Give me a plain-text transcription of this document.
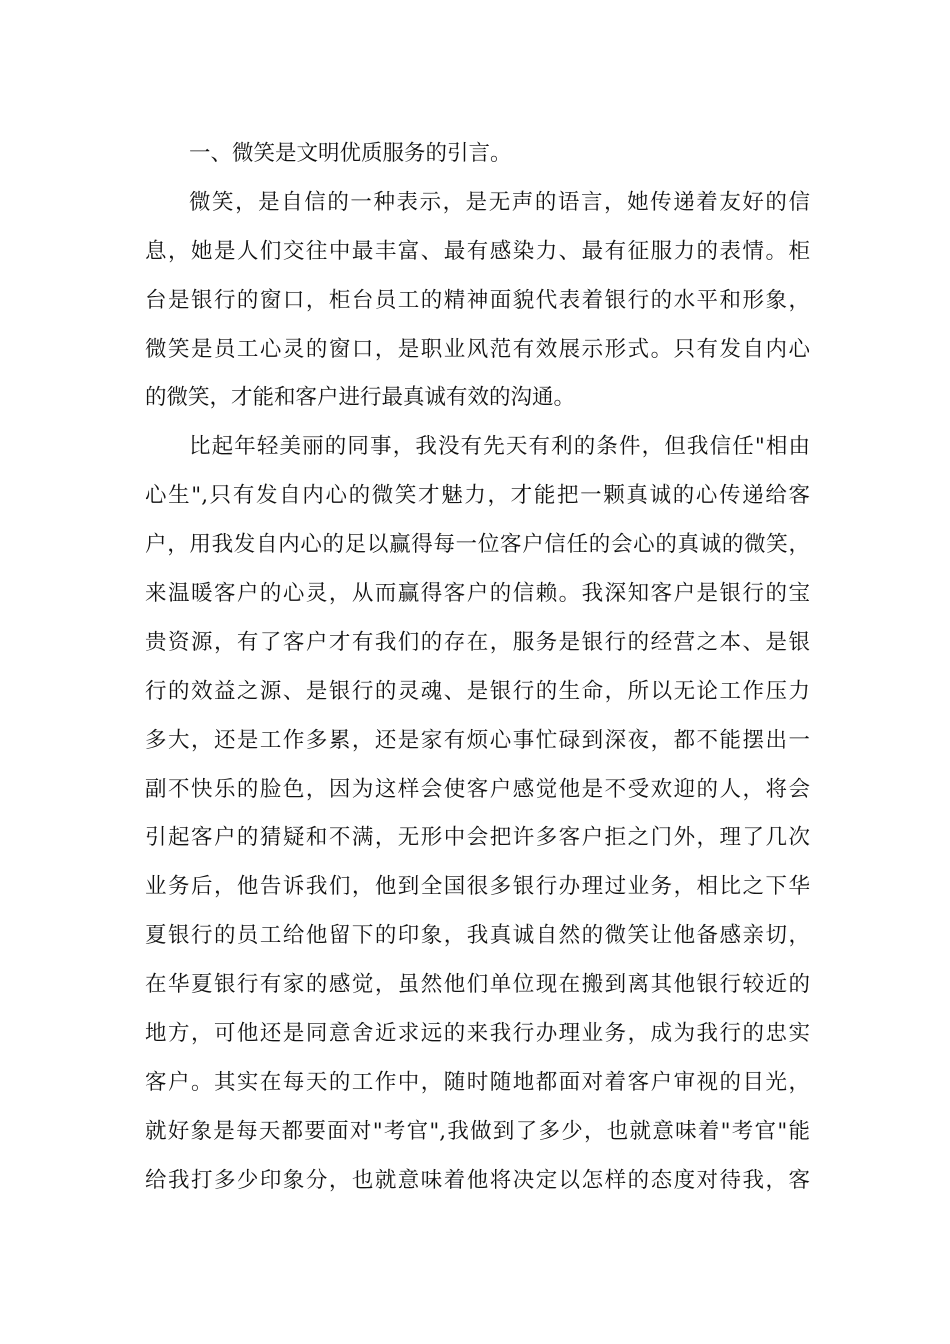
一、微笑是文明优质服务的引言。
微笑，是自信的一种表示，是无声的语言，她传递着友好的信
息，她是人们交往中最丰富、最有感染力、最有征服力的表情。柜
台是银行的窗口，柜台员工的精神面貌代表着银行的水平和形象，
微笑是员工心灵的窗口，是职业风范有效展示形式。只有发自内心
的微笑，才能和客户进行最真诚有效的沟通。
比起年轻美丽的同事，我没有先天有利的条件，但我信任"相由
心生",只有发自内心的微笑才魅力，才能把一颗真诚的心传递给客
户，用我发自内心的足以赢得每一位客户信任的会心的真诚的微笑，
来温暖客户的心灵，从而赢得客户的信赖。我深知客户是银行的宝
贵资源，有了客户才有我们的存在，服务是银行的经营之本、是银
行的效益之源、是银行的灵魂、是银行的生命，所以无论工作压力
多大，还是工作多累，还是家有烦心事忙碌到深夜，都不能摆出一
副不快乐的脸色，因为这样会使客户感觉他是不受欢迎的人，将会
引起客户的猜疑和不满，无形中会把许多客户拒之门外，理了几次
业务后，他告诉我们，他到全国很多银行办理过业务，相比之下华
夏银行的员工给他留下的印象，我真诚自然的微笑让他备感亲切，
在华夏银行有家的感觉，虽然他们单位现在搬到离其他银行较近的
地方，可他还是同意舍近求远的来我行办理业务，成为我行的忠实
客户。其实在每天的工作中，随时随地都面对着客户审视的目光，
就好象是每天都要面对"考官",我做到了多少，也就意味着"考官"能
给我打多少印象分，也就意味着他将决定以怎样的态度对待我，客
